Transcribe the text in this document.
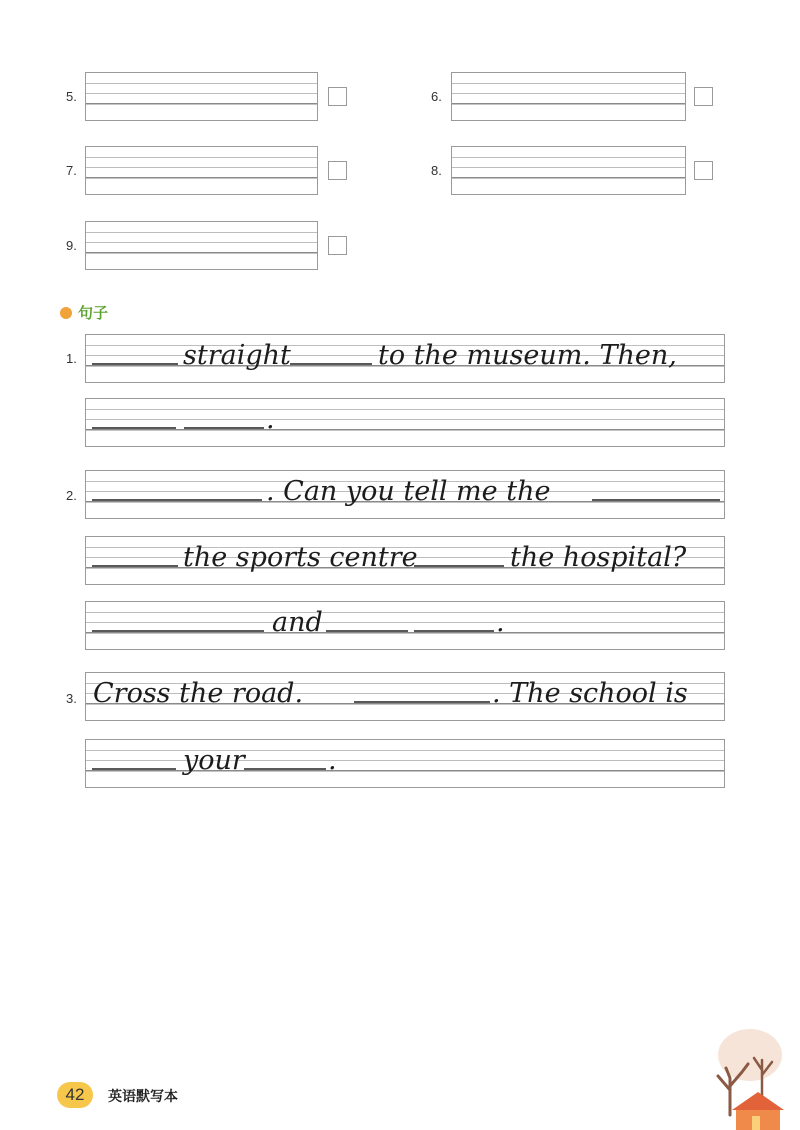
5.	6.
7.	8.
9.
句子
1.
2.
3.
straight	to the museum. Then,
.
. Can you tell me the
the sports centre	the hospital?
and	.
Cross the road.	. The school is
your	.
42 英语默写本
